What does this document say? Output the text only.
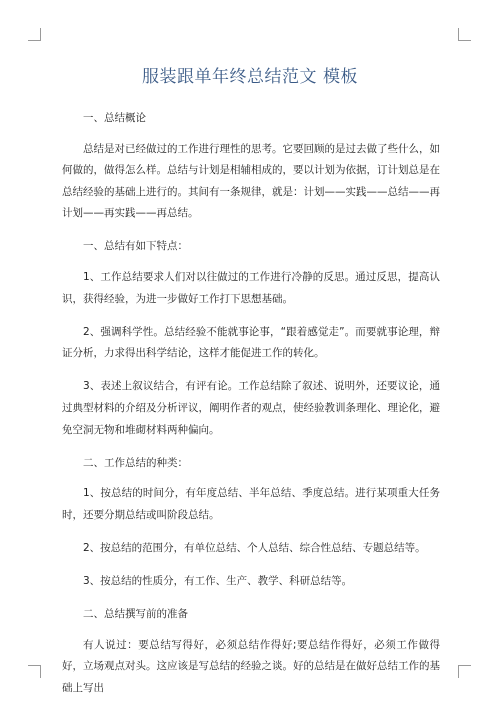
服装跟单年终总结范文 模板

一、总结概论

总结是对已经做过的工作进行理性的思考。它要回顾的是过去做了些什么，如何做的，做得怎么样。总结与计划是相辅相成的，要以计划为依据，订计划总是在总结经验的基础上进行的。其间有一条规律，就是：计划——实践——总结——再计划——再实践——再总结。

一、总结有如下特点：

1、工作总结要求人们对以往做过的工作进行冷静的反思。通过反思，提高认识，获得经验，为进一步做好工作打下思想基础。

2、强调科学性。总结经验不能就事论事，“跟着感觉走”。而要就事论理，辩证分析，力求得出科学结论，这样才能促进工作的转化。

3、表述上叙议结合，有评有论。工作总结除了叙述、说明外，还要议论，通过典型材料的介绍及分析评议，阐明作者的观点，使经验教训条理化、理论化，避免空洞无物和堆砌材料两种偏向。

二、工作总结的种类：

1、按总结的时间分，有年度总结、半年总结、季度总结。进行某项重大任务时，还要分期总结或叫阶段总结。

2、按总结的范围分，有单位总结、个人总结、综合性总结、专题总结等。

3、按总结的性质分，有工作、生产、教学、科研总结等。

二、总结撰写前的准备

有人说过：要总结写得好，必须总结作得好;要总结作得好，必须工作做得好，立场观点对头。这应该是写总结的经验之谈。好的总结是在做好总结工作的基础上写出
